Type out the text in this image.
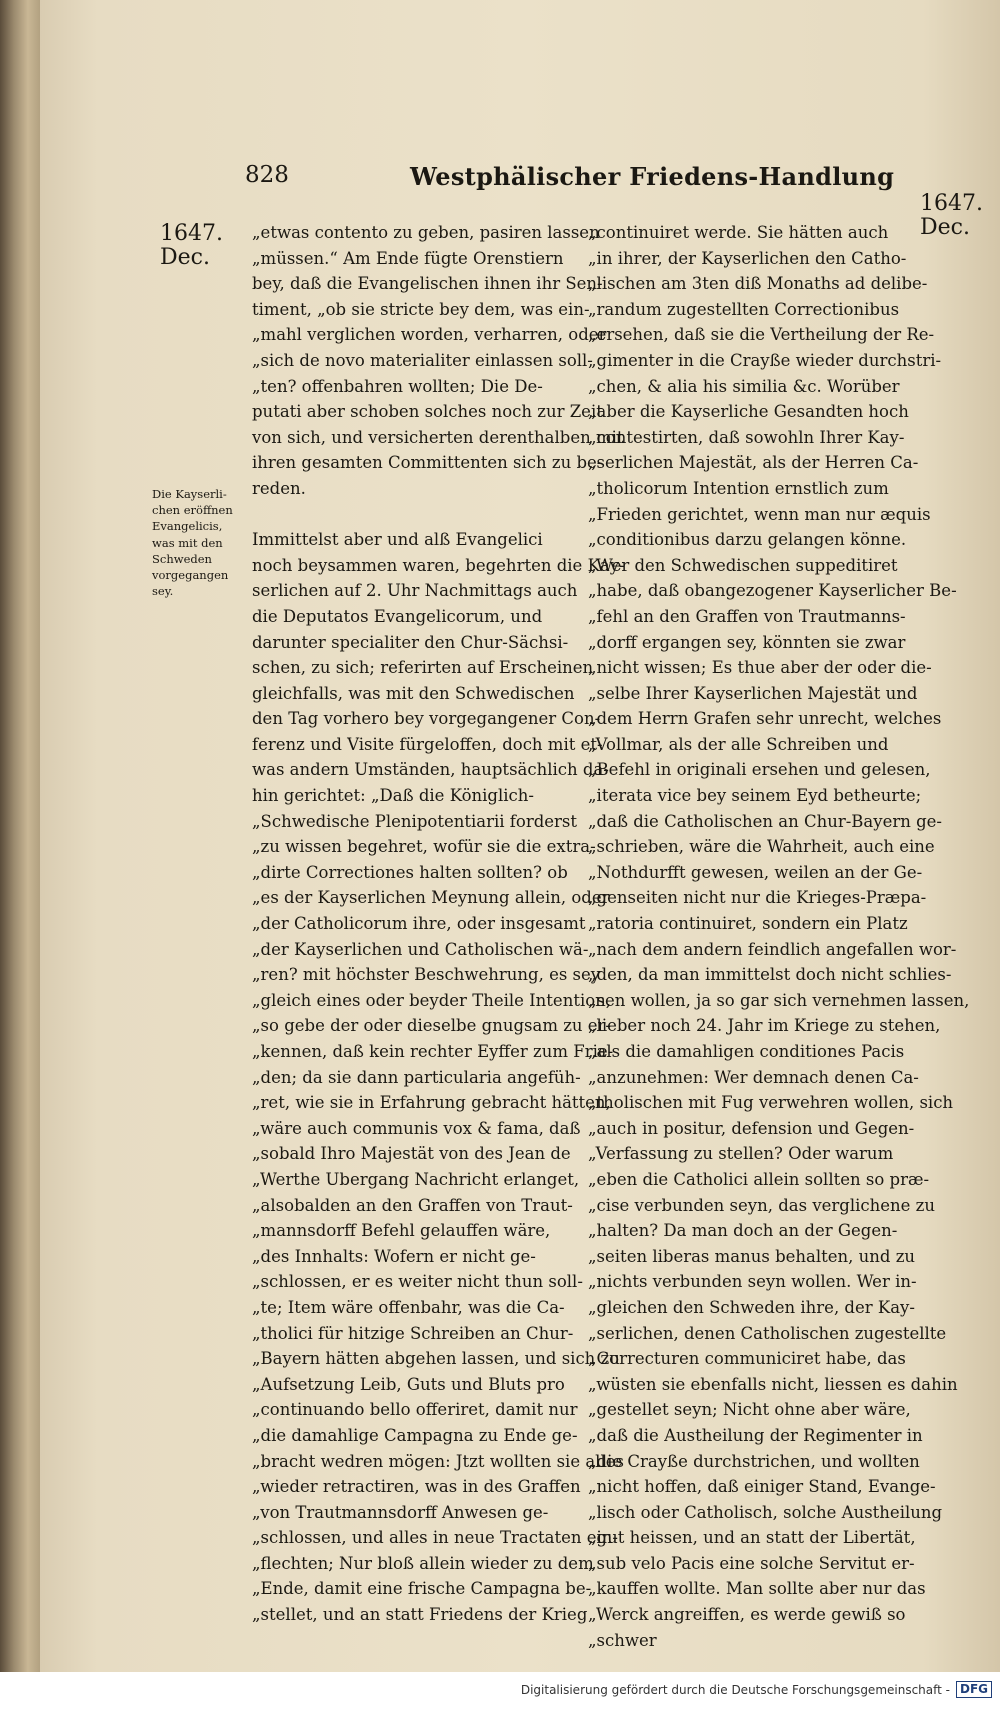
828	Westphälischer Friedens-Handlung
1647.
Dec.
1647.
Dec.
Die Kayserli-
chen eröffnen
Evangelicis,
was mit den
Schweden
vorgegangen
sey.
„etwas contento zu geben, pasiren lassen
„müssen.“ Am Ende fügte Orenstiern
bey, daß die Evangelischen ihnen ihr Sen-
timent, „ob sie stricte bey dem, was ein-
„mahl verglichen worden, verharren, oder
„sich de novo materialiter einlassen soll-
„ten? offenbahren wollten; Die De-
putati aber schoben solches noch zur Zeit
von sich, und versicherten derenthalben mit
ihren gesamten Committenten sich zu be-
reden.
Immittelst aber und alß Evangelici
noch beysammen waren, begehrten die Kay-
serlichen auf 2. Uhr Nachmittags auch
die Deputatos Evangelicorum, und
darunter specialiter den Chur-Sächsi-
schen, zu sich; referirten auf Erscheinen
gleichfalls, was mit den Schwedischen
den Tag vorhero bey vorgegangener Con-
ferenz und Visite fürgeloffen, doch mit et-
was andern Umständen, hauptsächlich da-
hin gerichtet: „Daß die Königlich-
„Schwedische Plenipotentiarii forderst
„zu wissen begehret, wofür sie die extra-
„dirte Correctiones halten sollten? ob
„es der Kayserlichen Meynung allein, oder
„der Catholicorum ihre, oder insgesamt
„der Kayserlichen und Catholischen wä-
„ren? mit höchster Beschwehrung, es sey
„gleich eines oder beyder Theile Intention,
„so gebe der oder dieselbe gnugsam zu er-
„kennen, daß kein rechter Eyffer zum Frie-
„den; da sie dann particularia angefüh-
„ret, wie sie in Erfahrung gebracht hätten,
„wäre auch communis vox & fama, daß
„sobald Ihro Majestät von des Jean de
„Werthe Ubergang Nachricht erlanget,
„alsobalden an den Graffen von Traut-
„mannsdorff Befehl gelauffen wäre,
„des Innhalts: Wofern er nicht ge-
„schlossen, er es weiter nicht thun soll-
„te; Item wäre offenbahr, was die Ca-
„tholici für hitzige Schreiben an Chur-
„Bayern hätten abgehen lassen, und sich zu
„Aufsetzung Leib, Guts und Bluts pro
„continuando bello offeriret, damit nur
„die damahlige Campagna zu Ende ge-
„bracht wedren mögen: Jtzt wollten sie alles
„wieder retractiren, was in des Graffen
„von Trautmannsdorff Anwesen ge-
„schlossen, und alles in neue Tractaten ein-
„flechten; Nur bloß allein wieder zu dem
„Ende, damit eine frische Campagna be-
„stellet, und an statt Friedens der Krieg
„continuiret werde. Sie hätten auch
„in ihrer, der Kayserlichen den Catho-
„lischen am 3ten diß Monaths ad delibe-
„randum zugestellten Correctionibus
„ersehen, daß sie die Vertheilung der Re-
„gimenter in die Crayße wieder durchstri-
„chen, & alia his similia &c. Worüber
„aber die Kayserliche Gesandten hoch
„contestirten, daß sowohln Ihrer Kay-
„serlichen Majestät, als der Herren Ca-
„tholicorum Intention ernstlich zum
„Frieden gerichtet, wenn man nur æquis
„conditionibus darzu gelangen könne.
„Wer den Schwedischen suppeditiret
„habe, daß obangezogener Kayserlicher Be-
„fehl an den Graffen von Trautmanns-
„dorff ergangen sey, könnten sie zwar
„nicht wissen; Es thue aber der oder die-
„selbe Ihrer Kayserlichen Majestät und
„dem Herrn Grafen sehr unrecht, welches
„Vollmar, als der alle Schreiben und
„Befehl in originali ersehen und gelesen,
„iterata vice bey seinem Eyd betheurte;
„daß die Catholischen an Chur-Bayern ge-
„schrieben, wäre die Wahrheit, auch eine
„Nothdurfft gewesen, weilen an der Ge-
„genseiten nicht nur die Krieges-Præpa-
„ratoria continuiret, sondern ein Platz
„nach dem andern feindlich angefallen wor-
„den, da man immittelst doch nicht schlies-
„sen wollen, ja so gar sich vernehmen lassen,
„lieber noch 24. Jahr im Kriege zu stehen,
„als die damahligen conditiones Pacis
„anzunehmen: Wer demnach denen Ca-
„tholischen mit Fug verwehren wollen, sich
„auch in positur, defension und Gegen-
„Verfassung zu stellen? Oder warum
„eben die Catholici allein sollten so præ-
„cise verbunden seyn, das verglichene zu
„halten? Da man doch an der Gegen-
„seiten liberas manus behalten, und zu
„nichts verbunden seyn wollen. Wer in-
„gleichen den Schweden ihre, der Kay-
„serlichen, denen Catholischen zugestellte
„Correcturen communiciret habe, das
„wüsten sie ebenfalls nicht, liessen es dahin
„gestellet seyn; Nicht ohne aber wäre,
„daß die Austheilung der Regimenter in
„die Crayße durchstrichen, und wollten
„nicht hoffen, daß einiger Stand, Evange-
„lisch oder Catholisch, solche Austheilung
„gut heissen, und an statt der Libertät,
„sub velo Pacis eine solche Servitut er-
„kauffen wollte. Man sollte aber nur das
„Werck angreiffen, es werde gewiß so
„schwer
Digitalisierung gefördert durch die Deutsche Forschungsgemeinschaft - DFG
